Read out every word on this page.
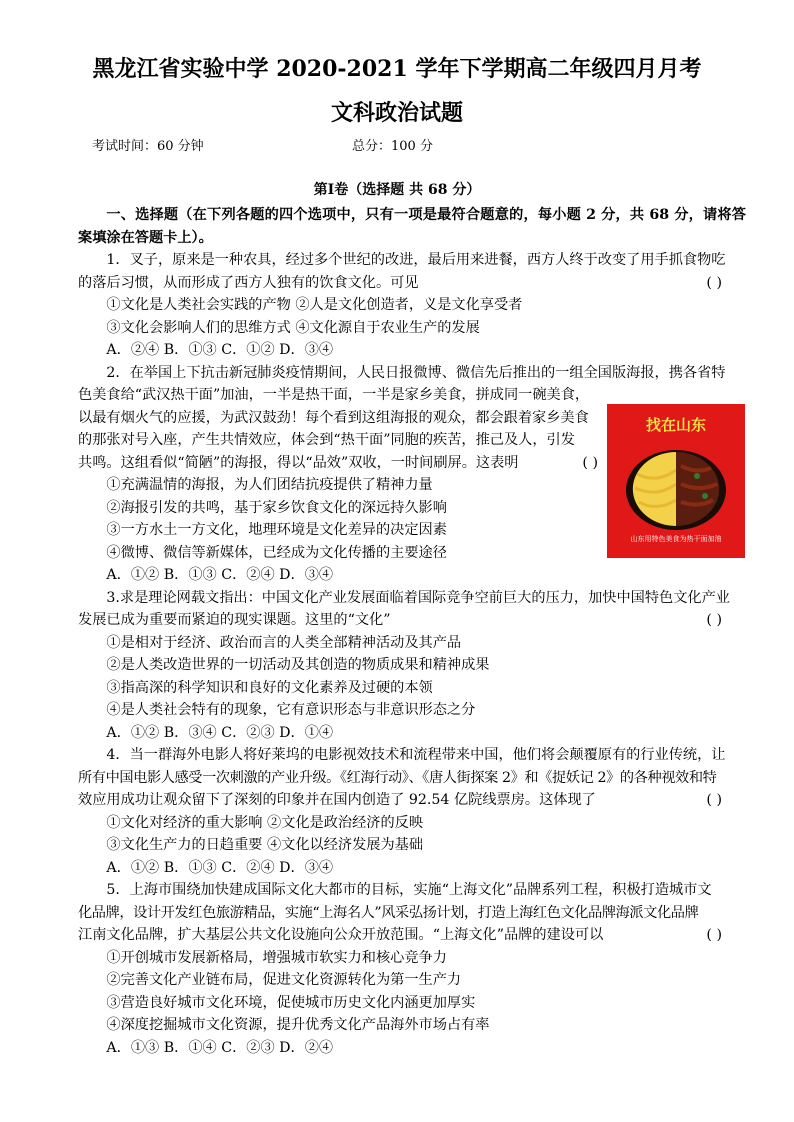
黑龙江省实验中学 2020-2021 学年下学期高二年级四月月考
文科政治试题
考试时间：60 分钟	总分：100 分
第Ⅰ卷（选择题 共 68 分）

一、选择题（在下列各题的四个选项中，只有一项是最符合题意的，每小题 2 分，共 68 分，请将答案填涂在答题卡上）。

1．叉子，原来是一种农具，经过多个世纪的改进，最后用来进餐，西方人终于改变了用手抓食物吃

的落后习惯，从而形成了西方人独有的饮食文化。可见	( )

①文化是人类社会实践的产物 ②人是文化创造者，义是文化享受者

③文化会影响人们的思维方式 ④文化源自于农业生产的发展

A．②④ B．①③ C．①② D．③④

2．在举国上下抗击新冠肺炎疫情期间，人民日报微博、微信先后推出的一组全国版海报，携各省特

色美食给“武汉热干面”加油，一半是热干面，一半是家乡美食，拼成同一碗美食，

以最有烟火气的应援，为武汉鼓劲！每个看到这组海报的观众，都会跟着家乡美食

的那张对号入座，产生共情效应，体会到“热干面”同胞的疾苦，推己及人，引发

共鸣。这组看似“简陋”的海报，得以“品效”双收，一时间刷屏。这表明	( )

①充满温情的海报，为人们团结抗疫提供了精神力量

②海报引发的共鸣，基于家乡饮食文化的深远持久影响

③一方水土一方文化，地理环境是文化差异的决定因素

④微博、微信等新媒体，已经成为文化传播的主要途径

A．①② B．①③ C．②④ D．③④

3.求是理论网载文指出：中国文化产业发展面临着国际竞争空前巨大的压力，加快中国特色文化产业

发展已成为重要而紧迫的现实课题。这里的“文化”	( )

①是相对于经济、政治而言的人类全部精神活动及其产品

②是人类改造世界的一切活动及其创造的物质成果和精神成果

③指高深的科学知识和良好的文化素养及过硬的本领

④是人类社会特有的现象，它有意识形态与非意识形态之分

A．①② B．③④ C．②③ D．①④

4．当一群海外电影人将好莱坞的电影视效技术和流程带来中国，他们将会颠覆原有的行业传统，让

所有中国电影人感受一次刺激的产业升级。《红海行动》、《唐人街探案 2》和《捉妖记 2》的各种视效和特

效应用成功让观众留下了深刻的印象并在国内创造了 92.54 亿院线票房。这体现了	( )

①文化对经济的重大影响 ②文化是政治经济的反映

③文化生产力的日趋重要 ④文化以经济发展为基础

A．①② B．①③ C．②④ D．③④

5．上海市围绕加快建成国际文化大都市的目标，实施“上海文化”品牌系列工程，积极打造城市文

化品牌，设计开发红色旅游精品，实施“上海名人”风采弘扬计划，打造上海红色文化品牌海派文化品牌

江南文化品牌，扩大基层公共文化设施向公众开放范围。“上海文化”品牌的建设可以	( )

①开创城市发展新格局，增强城市软实力和核心竞争力

②完善文化产业链布局，促进文化资源转化为第一生产力

③营造良好城市文化环境，促使城市历史文化内涵更加厚实

④深度挖掘城市文化资源，提升优秀文化产品海外市场占有率

A．①③ B．①④ C．②③ D．②④

找在山东
山东用特色美食为热干面加油
